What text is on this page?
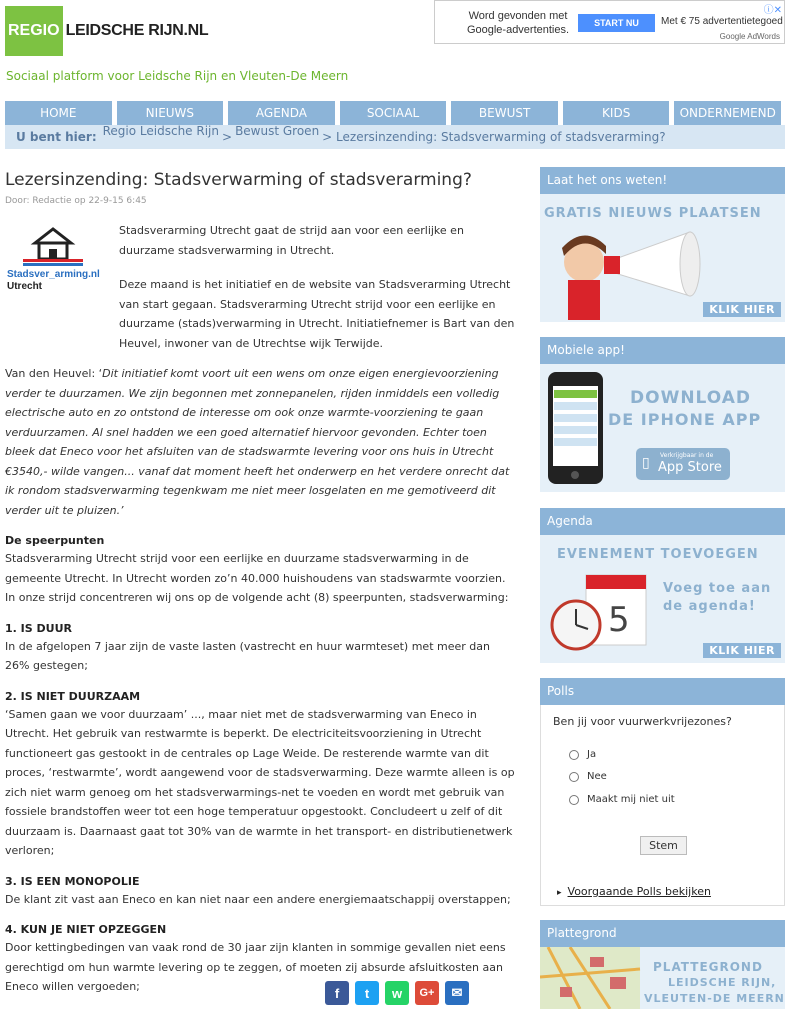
REGIO LEIDSCHE RIJN.NL
Sociaal platform voor Leidsche Rijn en Vleuten-De Meern
Word gevonden met
Google-advertenties.
START NU	Met € 75 advertentietegoed
Google AdWords
ⓘ✕
HOME	NIEUWS	AGENDA	SOCIAAL	BEWUST	KIDS	ONDERNEMEND
U bent hier: Regio Leidsche Rijn > Bewust Groen > Lezersinzending: Stadsverwarming of stadsverarming?
Lezersinzending: Stadsverwarming of stadsverarming?
Door: Redactie op 22-9-15 6:45
Stadsver_arming.nl
Utrecht

Stadsverarming Utrecht gaat de strijd aan voor een eerlijke en duurzame stadsverwarming in Utrecht.

Deze maand is het initiatief en de website van Stadsverarming Utrecht van start gegaan. Stadsverarming Utrecht strijd voor een eerlijke en duurzame (stads)verwarming in Utrecht. Initiatiefnemer is Bart van den Heuvel, inwoner van de Utrechtse wijk Terwijde.

Van den Heuvel: ‘Dit initiatief komt voort uit een wens om onze eigen energievoorziening verder te duurzamen. We zijn begonnen met zonnepanelen, rijden inmiddels een volledig electrische auto en zo ontstond de interesse om ook onze warmte-voorziening te gaan verduurzamen. Al snel hadden we een goed alternatief hiervoor gevonden. Echter toen bleek dat Eneco voor het afsluiten van de stadswarmte levering voor ons huis in Utrecht €3540,- wilde vangen... vanaf dat moment heeft het onderwerp en het verdere onrecht dat ik rondom stadsverwarming tegenkwam me niet meer losgelaten en me gemotiveerd dit verder uit te pluizen.’

De speerpunten

Stadsverarming Utrecht strijd voor een eerlijke en duurzame stadsverwarming in de gemeente Utrecht. In Utrecht worden zo’n 40.000 huishoudens van stadswarmte voorzien. In onze strijd concentreren wij ons op de volgende acht (8) speerpunten, stadsverwarming:

1. IS DUUR

In de afgelopen 7 jaar zijn de vaste lasten (vastrecht en huur warmteset) met meer dan 26% gestegen;

2. IS NIET DUURZAAM

‘Samen gaan we voor duurzaam’ ..., maar niet met de stadsverwarming van Eneco in Utrecht. Het gebruik van restwarmte is beperkt. De electriciteitsvoorziening in Utrecht functioneert gas gestookt in de centrales op Lage Weide. De resterende warmte van dit proces, ‘restwarmte’, wordt aangewend voor de stadsverwarming. Deze warmte alleen is op zich niet warm genoeg om het stadsverwarmings-net te voeden en wordt met gebruik van fossiele brandstoffen weer tot een hoge temperatuur opgestookt. Concludeert u zelf of dit duurzaam is. Daarnaast gaat tot 30% van de warmte in het transport- en distributienetwerk verloren;

3. IS EEN MONOPOLIE

De klant zit vast aan Eneco en kan niet naar een andere energiemaatschappij overstappen;

4. KUN JE NIET OPZEGGEN

Door kettingbedingen van vaak rond de 30 jaar zijn klanten in sommige gevallen niet eens gerechtigd om hun warmte levering op te zeggen, of moeten zij absurde afsluitkosten aan Eneco willen vergoeden;	f	t	w	G+	✉
Laat het ons weten!
GRATIS NIEUWS PLAATSEN
KLIK HIER
Mobiele app!
DOWNLOAD
DE IPHONE APP
Verkrijgbaar in de
App Store
▯
Agenda
EVENEMENT TOEVOEGEN
5
Voeg toe aan
de agenda!
KLIK HIER
Polls
Ben jij voor vuurwerkvrijezones?
Ja
Nee
Maakt mij niet uit
Stem
▸ Voorgaande Polls bekijken
Plattegrond
PLATTEGROND
LEIDSCHE RIJN,
VLEUTEN-DE MEERN
